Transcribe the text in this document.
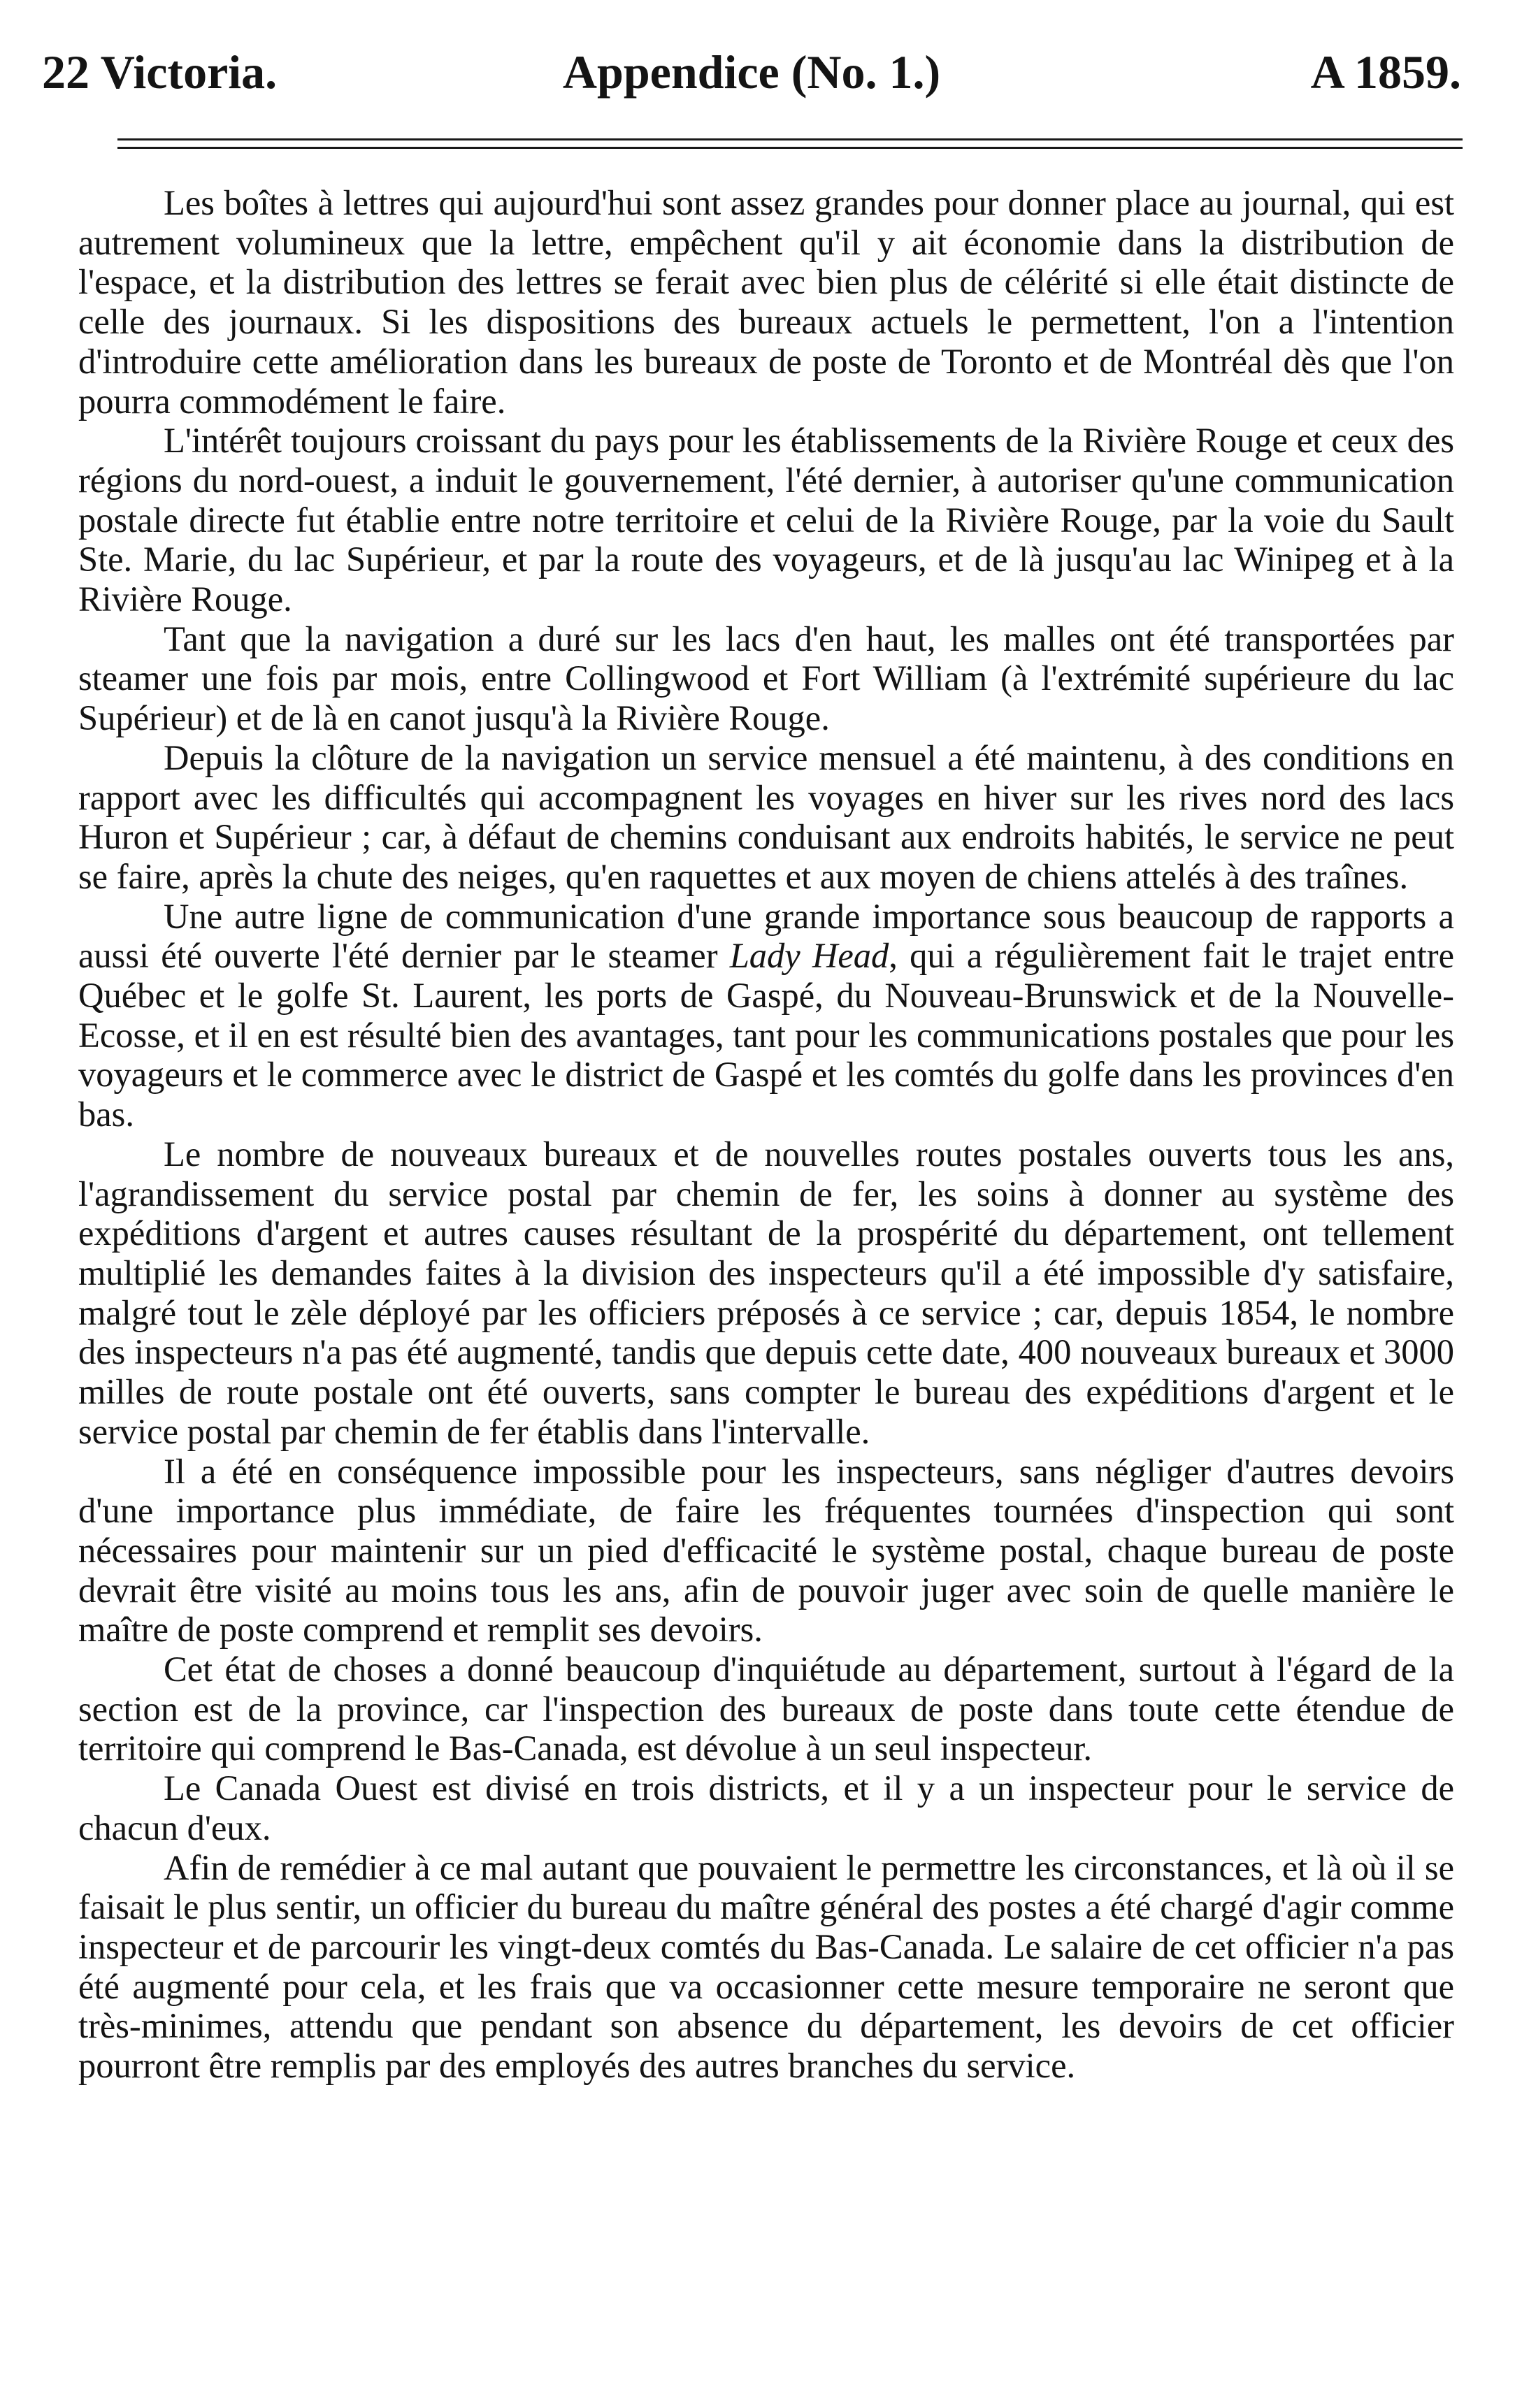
22 Victoria.	Appendice (No. 1.)	A 1859.

Les boîtes à lettres qui aujourd'hui sont assez grandes pour donner place au journal, qui est autrement volumineux que la lettre, empêchent qu'il y ait économie dans la distribution de l'espace, et la distribution des lettres se ferait avec bien plus de célérité si elle était distincte de celle des journaux. Si les dispositions des bureaux actuels le permettent, l'on a l'intention d'introduire cette amélioration dans les bureaux de poste de Toronto et de Montréal dès que l'on pourra commodément le faire.

L'intérêt toujours croissant du pays pour les établissements de la Rivière Rouge et ceux des régions du nord-ouest, a induit le gouvernement, l'été dernier, à autoriser qu'une communication postale directe fut établie entre notre territoire et celui de la Rivière Rouge, par la voie du Sault Ste. Marie, du lac Supérieur, et par la route des voyageurs, et de là jusqu'au lac Winipeg et à la Rivière Rouge.

Tant que la navigation a duré sur les lacs d'en haut, les malles ont été transportées par steamer une fois par mois, entre Collingwood et Fort William (à l'extrémité supérieure du lac Supérieur) et de là en canot jusqu'à la Rivière Rouge.

Depuis la clôture de la navigation un service mensuel a été maintenu, à des conditions en rapport avec les difficultés qui accompagnent les voyages en hiver sur les rives nord des lacs Huron et Supérieur ; car, à défaut de chemins conduisant aux endroits habités, le service ne peut se faire, après la chute des neiges, qu'en raquettes et aux moyen de chiens attelés à des traînes.

Une autre ligne de communication d'une grande importance sous beaucoup de rapports a aussi été ouverte l'été dernier par le steamer Lady Head, qui a régulièrement fait le trajet entre Québec et le golfe St. Laurent, les ports de Gaspé, du Nouveau-Brunswick et de la Nouvelle-Ecosse, et il en est résulté bien des avantages, tant pour les communications postales que pour les voyageurs et le commerce avec le district de Gaspé et les comtés du golfe dans les provinces d'en bas.

Le nombre de nouveaux bureaux et de nouvelles routes postales ouverts tous les ans, l'agrandissement du service postal par chemin de fer, les soins à donner au système des expéditions d'argent et autres causes résultant de la prospérité du département, ont tellement multiplié les demandes faites à la division des inspecteurs qu'il a été impossible d'y satisfaire, malgré tout le zèle déployé par les officiers préposés à ce service ; car, depuis 1854, le nombre des inspecteurs n'a pas été augmenté, tandis que depuis cette date, 400 nouveaux bureaux et 3000 milles de route postale ont été ouverts, sans compter le bureau des expéditions d'argent et le service postal par chemin de fer établis dans l'intervalle.

Il a été en conséquence impossible pour les inspecteurs, sans négliger d'autres devoirs d'une importance plus immédiate, de faire les fréquentes tournées d'inspection qui sont nécessaires pour maintenir sur un pied d'efficacité le système postal, chaque bureau de poste devrait être visité au moins tous les ans, afin de pouvoir juger avec soin de quelle manière le maître de poste comprend et remplit ses devoirs.

Cet état de choses a donné beaucoup d'inquiétude au département, surtout à l'égard de la section est de la province, car l'inspection des bureaux de poste dans toute cette étendue de territoire qui comprend le Bas-Canada, est dévolue à un seul inspecteur.

Le Canada Ouest est divisé en trois districts, et il y a un inspecteur pour le service de chacun d'eux.

Afin de remédier à ce mal autant que pouvaient le permettre les circonstances, et là où il se faisait le plus sentir, un officier du bureau du maître général des postes a été chargé d'agir comme inspecteur et de parcourir les vingt-deux comtés du Bas-Canada. Le salaire de cet officier n'a pas été augmenté pour cela, et les frais que va occasionner cette mesure temporaire ne seront que très-minimes, attendu que pendant son absence du département, les devoirs de cet officier pourront être remplis par des employés des autres branches du service.
